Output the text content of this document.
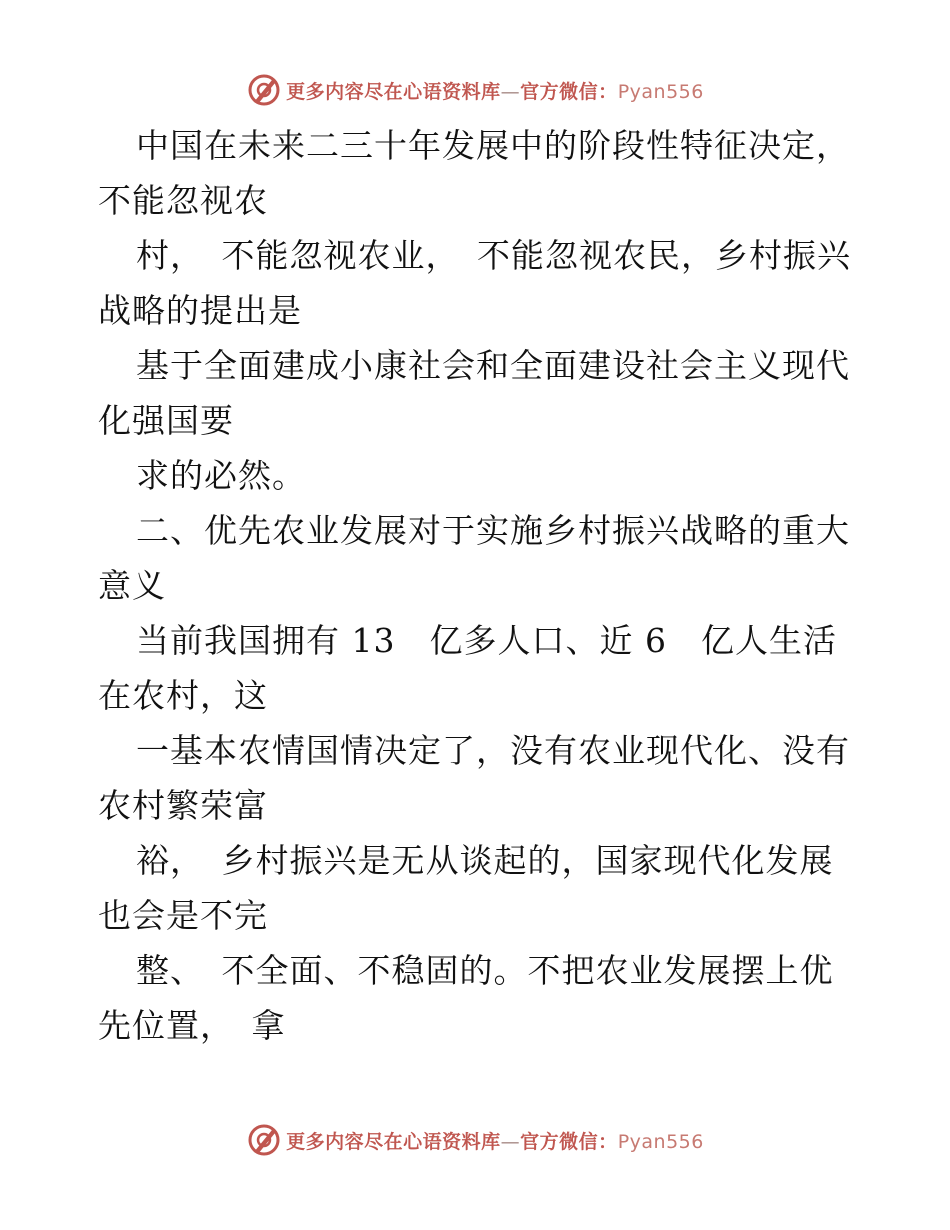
更多内容尽在心语资料库—官方微信：Pyan556
中国在未来二三十年发展中的阶段性特征决定，
不能忽视农
村，　不能忽视农业，　不能忽视农民，乡村振兴
战略的提出是
基于全面建成小康社会和全面建设社会主义现代
化强国要
求的必然。
二、优先农业发展对于实施乡村振兴战略的重大
意义
当前我国拥有 13　亿多人口、近 6　亿人生活
在农村，这
一基本农情国情决定了，没有农业现代化、没有
农村繁荣富
裕，　乡村振兴是无从谈起的，国家现代化发展
也会是不完
整、　不全面、不稳固的。不把农业发展摆上优
先位置，　拿
更多内容尽在心语资料库—官方微信：Pyan556
